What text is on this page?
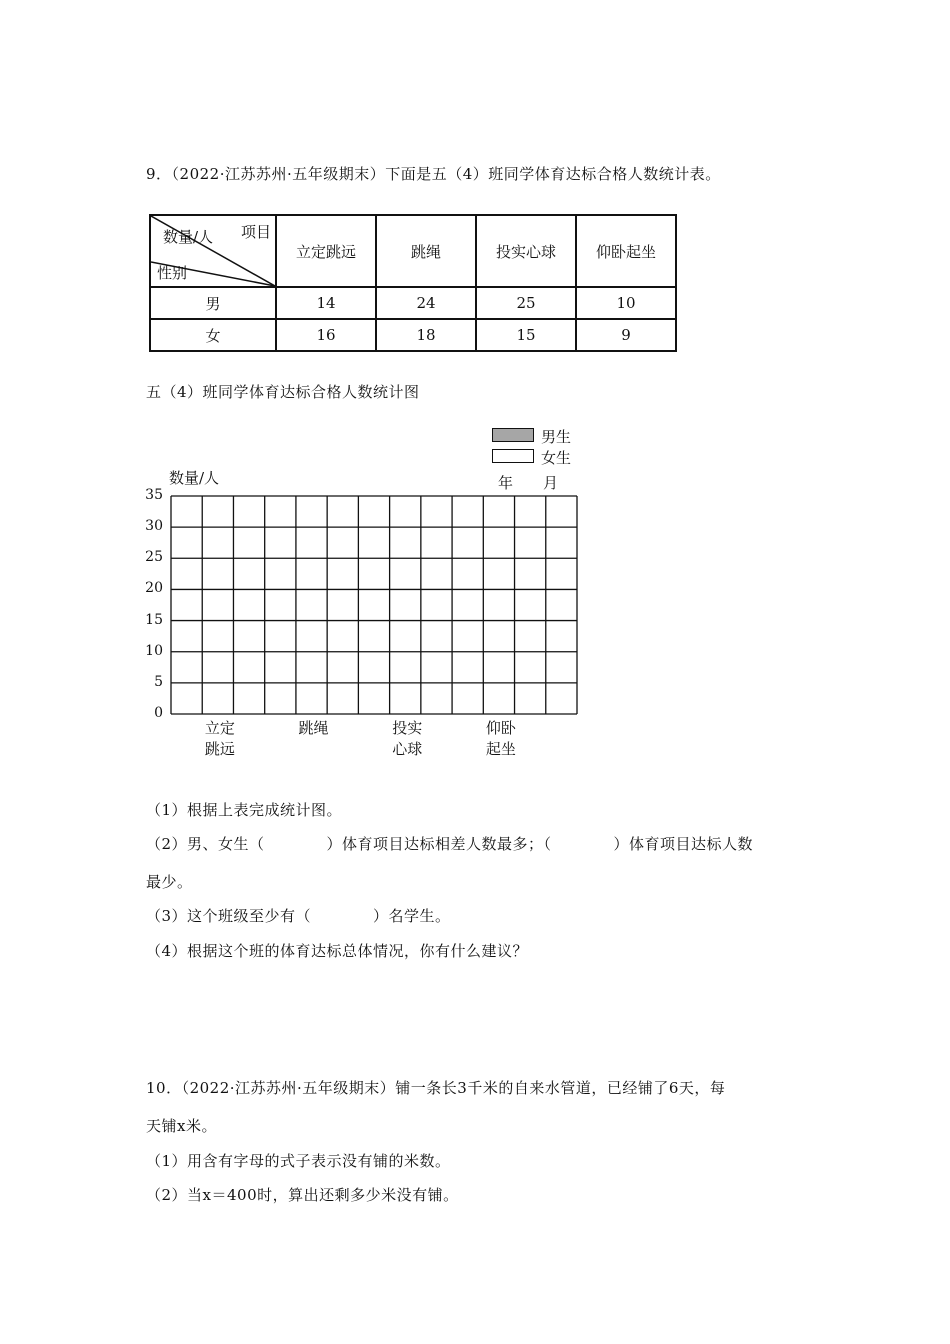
9．（2022·江苏苏州·五年级期末）下面是五（4）班同学体育达标合格人数统计表。
数量/人 项目
性别	立定跳远	跳绳	投实心球	仰卧起坐
男	14	24	25	10
女	16	18	15	9
五（4）班同学体育达标合格人数统计图
男生
女生
年　　月
数量/人
35
30
25
20
15
10
5
0
立定
跳远
跳绳	投实
心球
仰卧
起坐
（1）根据上表完成统计图。
（2）男、女生（　　　　）体育项目达标相差人数最多；（　　　　）体育项目达标人数
最少。
（3）这个班级至少有（　　　　）名学生。
（4）根据这个班的体育达标总体情况，你有什么建议？
10．（2022·江苏苏州·五年级期末）铺一条长3千米的自来水管道，已经铺了6天，每
天铺x米。
（1）用含有字母的式子表示没有铺的米数。
（2）当x＝400时，算出还剩多少米没有铺。
